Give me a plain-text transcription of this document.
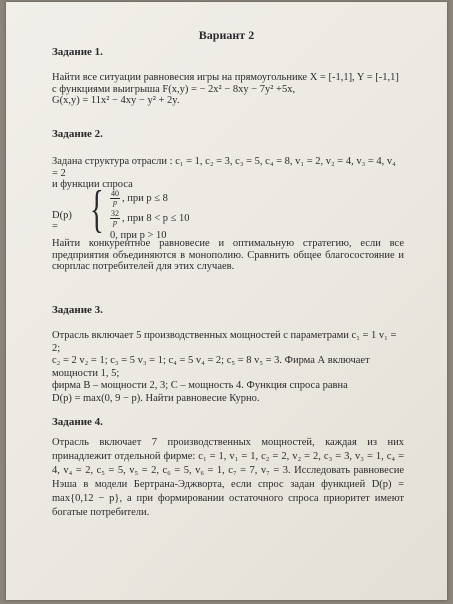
Вариант 2
Задание 1.
Найти все ситуации равновесия игры на прямоугольнике X = [-1,1], Y = [-1,1]
с функциями выигрыша F(x,y) = − 2x² − 8xy − 7y² +5x,
G(x,y) = 11x² − 4xy − y² + 2y.
Задание 2.
Задана структура отрасли : c₁ = 1, c₂ = 3, c₃ = 5, c₄ = 8, v₁ = 2, v₂ = 4, v₃ = 4, v₄ = 2
и функции спроса
D(p) = { $\frac{40}{p}$ , при p ≤ 8
$\frac{32}{p}$ , при 8 < p ≤ 10
0, при p > 10
Найти конкурентное равновесие и оптимальную стратегию, если все предприятия объединяются в монополию. Сравнить общее благосостояние и сюрплас потребителей для этих случаев.
Задание 3.
Отрасль включает 5 производственных мощностей с параметрами c₁ = 1 v₁ = 2;
c₂ = 2 v₂ = 1; c₃ = 5 v₃ = 1; c₄ = 5 v₄ = 2; c₅ = 8 v₅ = 3. Фирма А включает мощности 1, 5;
фирма В – мощности 2, 3; С – мощность 4. Функция спроса равна
D(p) = max(0, 9 − p). Найти равновесие Курно.
Задание 4.
Отрасль включает 7 производственных мощностей, каждая из них принадлежит отдельной фирме: c₁ = 1, v₁ = 1, c₂ = 2, v₂ = 2, c₃ = 3, v₃ = 1, c₄ = 4, v₄ = 2, c₅ = 5, v₅ = 2, c₆ = 5, v₆ = 1, c₇ = 7, v₇ = 3. Исследовать равновесие Нэша в модели Бертрана-Эджворта, если спрос задан функцией D(p) = max{0,12 − p}, а при формировании остаточного спроса приоритет имеют богатые потребители.
